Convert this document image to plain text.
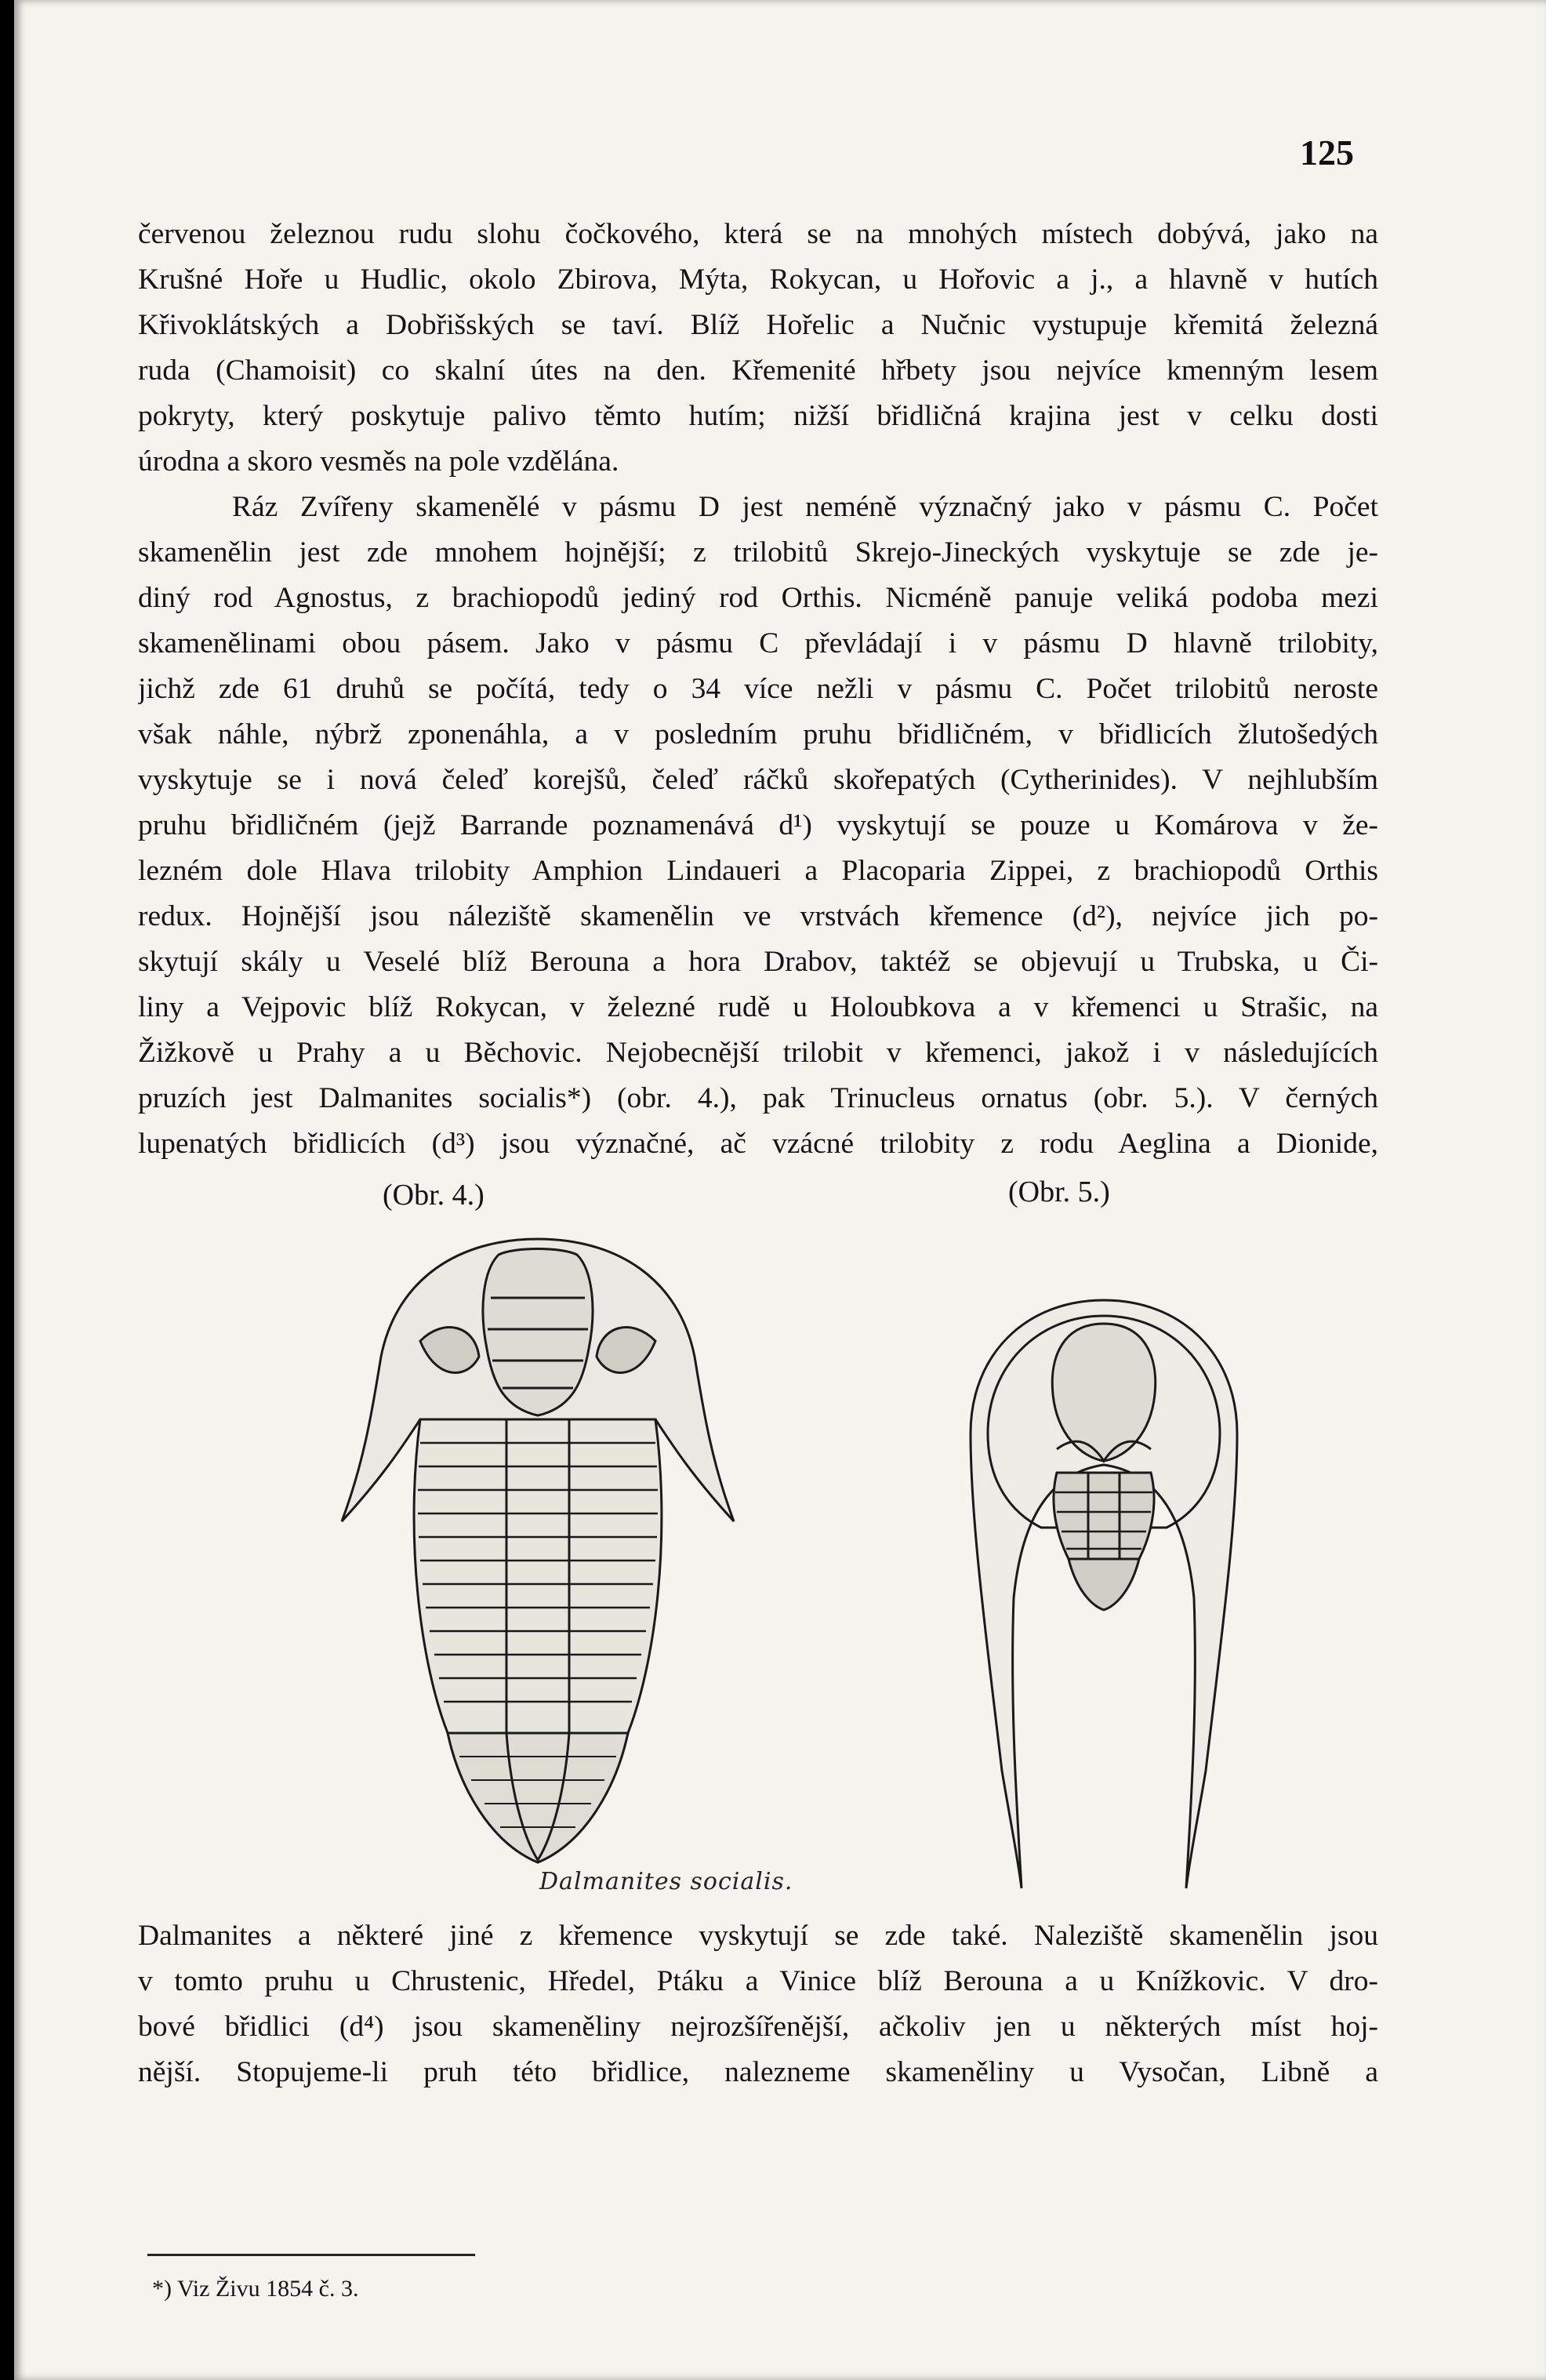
125
červenou železnou rudu slohu čočkového, která se na mnohých místech dobývá, jako na
Krušné Hoře u Hudlic, okolo Zbirova, Mýta, Rokycan, u Hořovic a j., a hlavně v hutích
Křivoklátských a Dobřišských se taví. Blíž Hořelic a Nučnic vystupuje křemitá železná
ruda (Chamoisit) co skalní útes na den. Křemenité hřbety jsou nejvíce kmenným lesem
pokryty, který poskytuje palivo těmto hutím; nižší břidličná krajina jest v celku dosti
úrodna a skoro vesměs na pole vzdělána.
Ráz Zvířeny skamenělé v pásmu D jest neméně význačný jako v pásmu C. Počet
skamenělin jest zde mnohem hojnější; z trilobitů Skrejo-Jineckých vyskytuje se zde je-
diný rod Agnostus, z brachiopodů jediný rod Orthis. Nicméně panuje veliká podoba mezi
skamenělinami obou pásem. Jako v pásmu C převládají i v pásmu D hlavně trilobity,
jichž zde 61 druhů se počítá, tedy o 34 více nežli v pásmu C. Počet trilobitů neroste
však náhle, nýbrž zponenáhla, a v posledním pruhu břidličném, v břidlicích žlutošedých
vyskytuje se i nová čeleď korejšů, čeleď ráčků skořepatých (Cytherinides). V nejhlubším
pruhu břidličném (jejž Barrande poznamenává d¹) vyskytují se pouze u Komárova v že-
lezném dole Hlava trilobity Amphion Lindaueri a Placoparia Zippei, z brachiopodů Orthis
redux. Hojnější jsou náleziště skamenělin ve vrstvách křemence (d²), nejvíce jich po-
skytují skály u Veselé blíž Berouna a hora Drabov, taktéž se objevují u Trubska, u Či-
liny a Vejpovic blíž Rokycan, v železné rudě u Holoubkova a v křemenci u Strašic, na
Žižkově u Prahy a u Běchovic. Nejobecnější trilobit v křemenci, jakož i v následujících
pruzích jest Dalmanites socialis*) (obr. 4.), pak Trinucleus ornatus (obr. 5.). V černých
lupenatých břidlicích (d³) jsou význačné, ač vzácné trilobity z rodu Aeglina a Dionide,
(Obr. 4.)	(Obr. 5.)
Dalmanites socialis.
Dalmanites a některé jiné z křemence vyskytují se zde také. Naleziště skamenělin jsou
v tomto pruhu u Chrustenic, Hředel, Ptáku a Vinice blíž Berouna a u Knížkovic. V dro-
bové břidlici (d⁴) jsou skameněliny nejrozšířenější, ačkoliv jen u některých míst hoj-
nější. Stopujeme-li pruh této břidlice, nalezneme skameněliny u Vysočan, Libně a
*) Viz Živu 1854 č. 3.
